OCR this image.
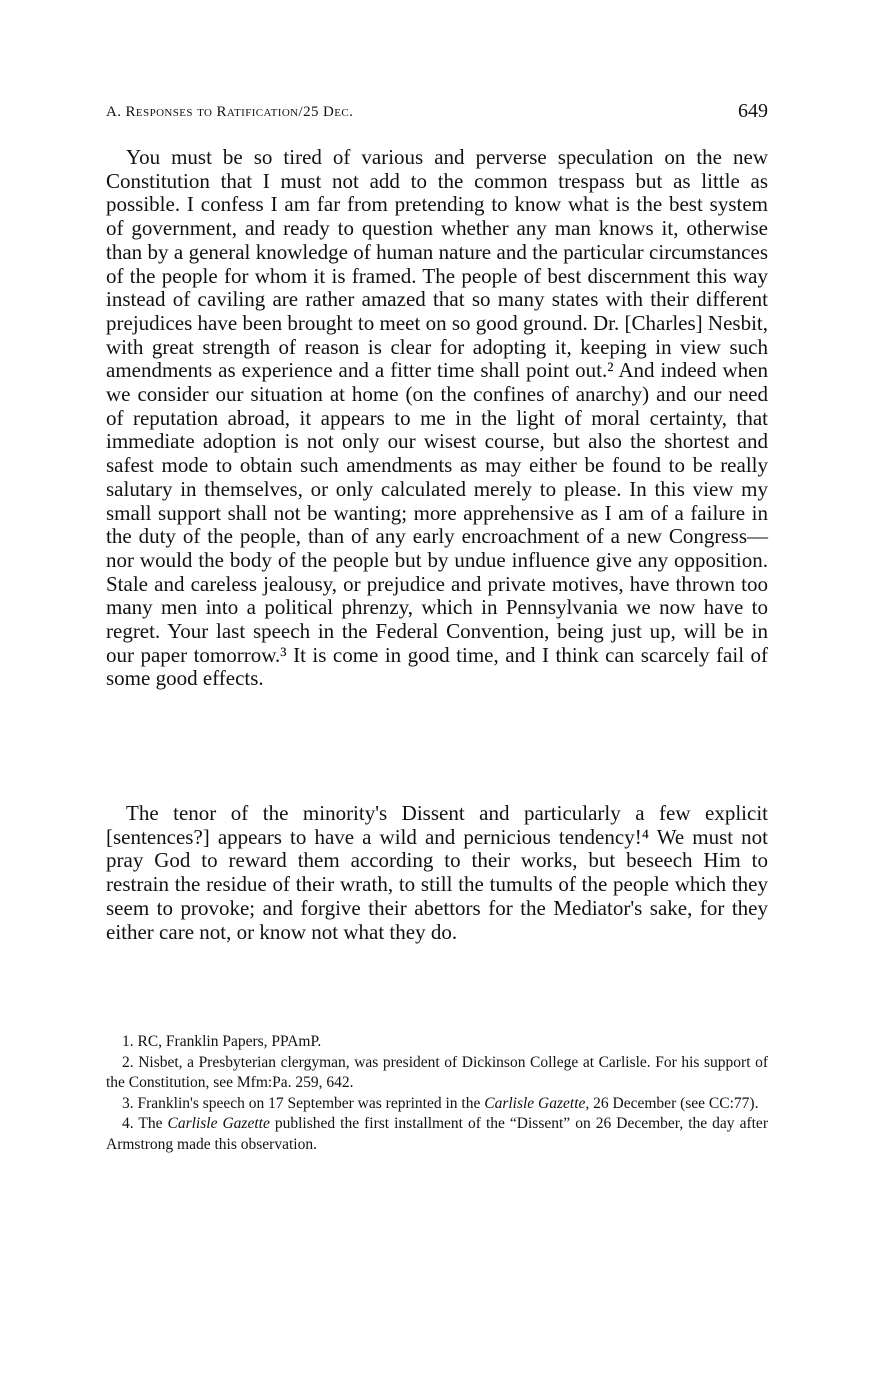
A. Responses to Ratification/25 Dec.	649

You must be so tired of various and perverse speculation on the new Constitution that I must not add to the common trespass but as little as possible. I confess I am far from pretending to know what is the best system of government, and ready to question whether any man knows it, otherwise than by a general knowledge of human nature and the particular circumstances of the people for whom it is framed. The people of best discernment this way instead of caviling are rather amazed that so many states with their different prejudices have been brought to meet on so good ground. Dr. [Charles] Nesbit, with great strength of reason is clear for adopting it, keeping in view such amendments as experience and a fitter time shall point out.² And indeed when we consider our situation at home (on the confines of anarchy) and our need of reputation abroad, it appears to me in the light of moral certainty, that immediate adoption is not only our wisest course, but also the shortest and safest mode to obtain such amendments as may either be found to be really salutary in themselves, or only calculated merely to please. In this view my small support shall not be wanting; more apprehensive as I am of a failure in the duty of the people, than of any early encroachment of a new Congress—nor would the body of the people but by undue influence give any opposition. Stale and careless jealousy, or prejudice and private motives, have thrown too many men into a political phrenzy, which in Pennsylvania we now have to regret. Your last speech in the Federal Convention, being just up, will be in our paper tomorrow.³ It is come in good time, and I think can scarcely fail of some good effects.

The tenor of the minority's Dissent and particularly a few explicit [sentences?] appears to have a wild and pernicious tendency!⁴ We must not pray God to reward them according to their works, but beseech Him to restrain the residue of their wrath, to still the tumults of the people which they seem to provoke; and forgive their abettors for the Mediator's sake, for they either care not, or know not what they do.

1. RC, Franklin Papers, PPAmP.

2. Nisbet, a Presbyterian clergyman, was president of Dickinson College at Carlisle. For his support of the Constitution, see Mfm:Pa. 259, 642.

3. Franklin's speech on 17 September was reprinted in the Carlisle Gazette, 26 December (see CC:77).

4. The Carlisle Gazette published the first installment of the “Dissent” on 26 December, the day after Armstrong made this observation.
